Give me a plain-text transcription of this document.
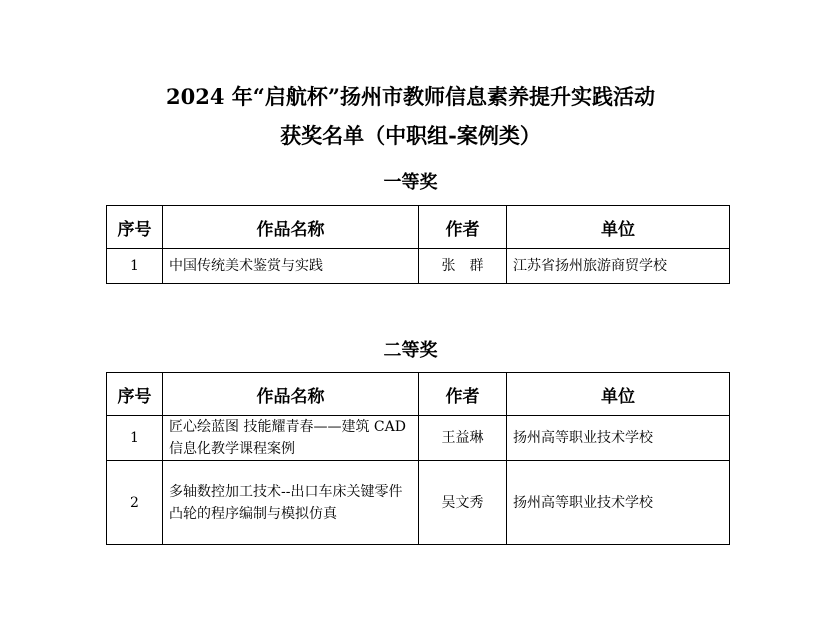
2024 年“启航杯”扬州市教师信息素养提升实践活动
获奖名单（中职组-案例类）
一等奖
序号	作品名称	作者	单位
1	中国传统美术鉴赏与实践	张　群	江苏省扬州旅游商贸学校
二等奖
序号	作品名称	作者	单位
1	匠心绘蓝图 技能耀青春——建筑 CAD 信息化教学课程案例	王益琳	扬州高等职业技术学校
2	多轴数控加工技术--出口车床关键零件凸轮的程序编制与模拟仿真	吴文秀	扬州高等职业技术学校
